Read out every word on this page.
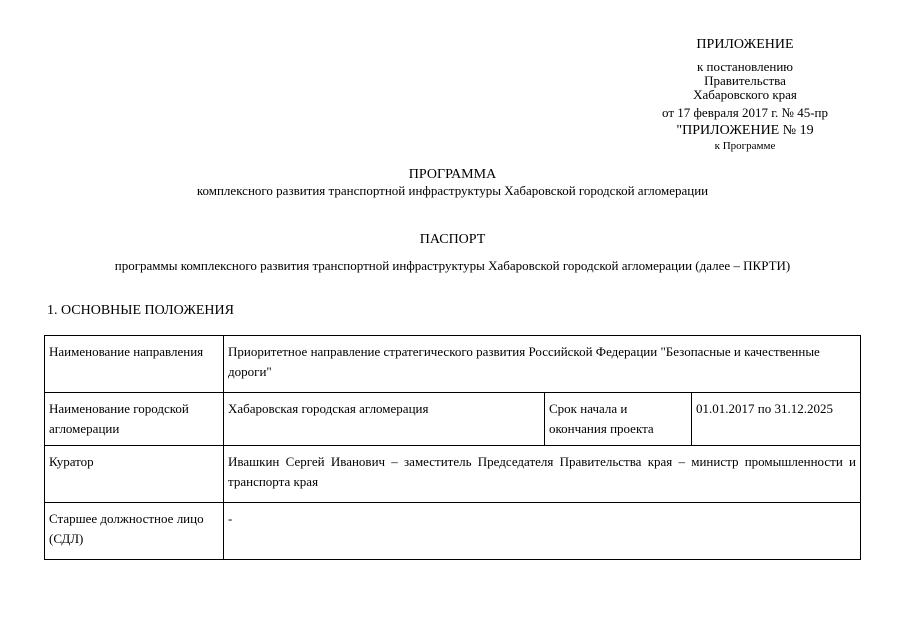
ПРИЛОЖЕНИЕ
к постановлению
Правительства
Хабаровского края
от 17 февраля 2017 г. № 45-пр
"ПРИЛОЖЕНИЕ № 19
к Программе
ПРОГРАММА
комплексного развития транспортной инфраструктуры Хабаровской городской агломерации
ПАСПОРТ
программы комплексного развития транспортной инфраструктуры Хабаровской городской агломерации (далее – ПКРТИ)
1. ОСНОВНЫЕ ПОЛОЖЕНИЯ
Наименование направления	Приоритетное направление стратегического развития Российской Федерации "Безопасные и качественные дороги"		
Наименование городской агломерации	Хабаровская городская агломерация	Срок начала и окончания проекта	01.01.2017 по 31.12.2025
Куратор	Ивашкин Сергей Иванович – заместитель Председателя Правительства края – министр промышленности и транспорта края		
Старшее должностное лицо (СДЛ)	-		
